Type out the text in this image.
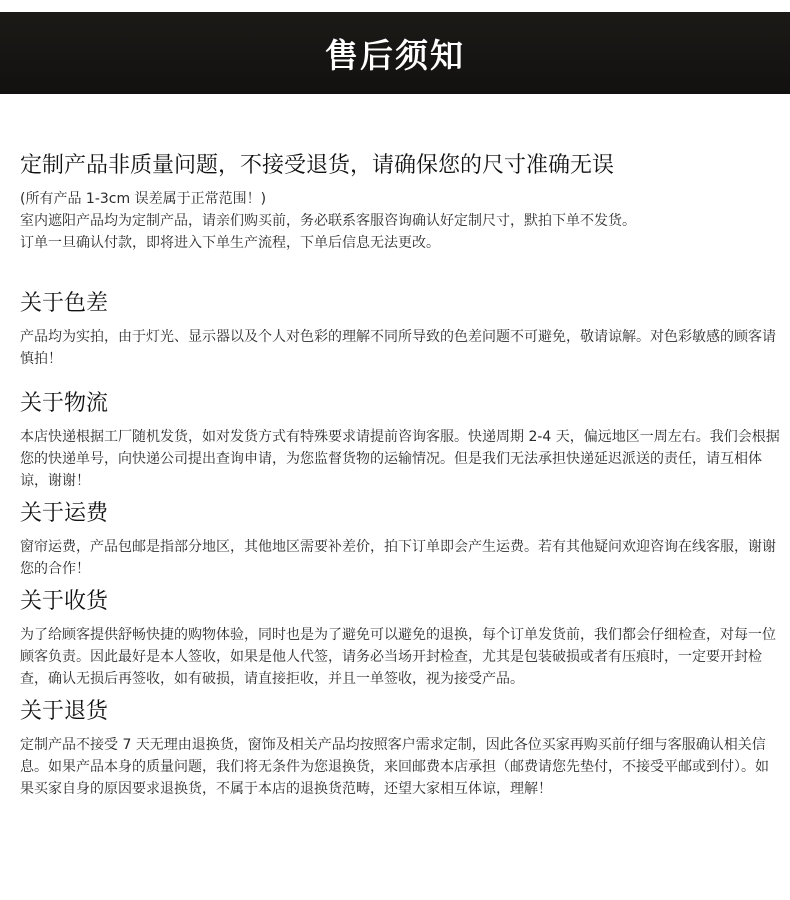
售后须知
定制产品非质量问题，不接受退货，请确保您的尺寸准确无误

(所有产品 1-3cm 误差属于正常范围！)

室内遮阳产品均为定制产品，请亲们购买前，务必联系客服咨询确认好定制尺寸，默拍下单不发货。

订单一旦确认付款，即将进入下单生产流程，下单后信息无法更改。

关于色差

产品均为实拍，由于灯光、显示器以及个人对色彩的理解不同所导致的色差问题不可避免，敬请谅解。对色彩敏感的顾客请慎拍！

关于物流

本店快递根据工厂随机发货，如对发货方式有特殊要求请提前咨询客服。快递周期 2-4 天，偏远地区一周左右。我们会根据您的快递单号，向快递公司提出查询申请，为您监督货物的运输情况。但是我们无法承担快递延迟派送的责任，请互相体谅，谢谢！

关于运费

窗帘运费，产品包邮是指部分地区，其他地区需要补差价，拍下订单即会产生运费。若有其他疑问欢迎咨询在线客服，谢谢您的合作！

关于收货

为了给顾客提供舒畅快捷的购物体验，同时也是为了避免可以避免的退换，每个订单发货前，我们都会仔细检查，对每一位顾客负责。因此最好是本人签收，如果是他人代签，请务必当场开封检查，尤其是包装破损或者有压痕时，一定要开封检查，确认无损后再签收，如有破损，请直接拒收，并且一单签收，视为接受产品。

关于退货

定制产品不接受 7 天无理由退换货，窗饰及相关产品均按照客户需求定制，因此各位买家再购买前仔细与客服确认相关信息。如果产品本身的质量问题，我们将无条件为您退换货，来回邮费本店承担（邮费请您先垫付，不接受平邮或到付）。如果买家自身的原因要求退换货，不属于本店的退换货范畴，还望大家相互体谅，理解！
